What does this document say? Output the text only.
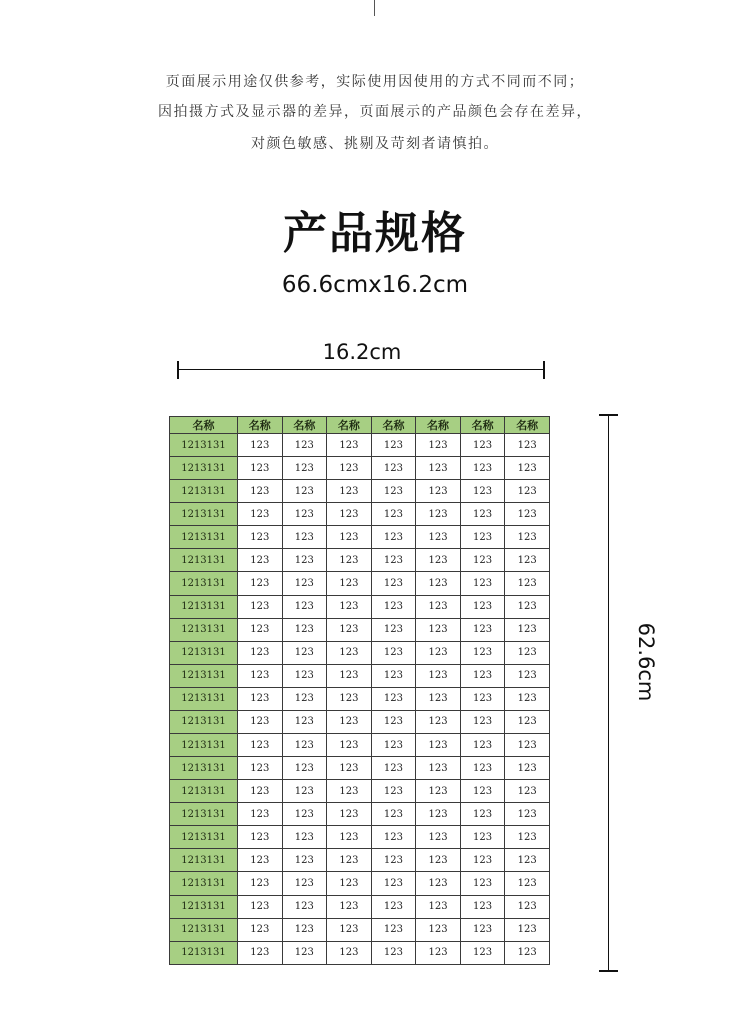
页面展示用途仅供参考，实际使用因使用的方式不同而不同；
因拍摄方式及显示器的差异，页面展示的产品颜色会存在差异，
对颜色敏感、挑剔及苛刻者请慎拍。
产品规格
66.6cmx16.2cm
16.2cm
62.6cm
名称	名称	名称	名称	名称	名称	名称	名称
1213131	123	123	123	123	123	123	123
1213131	123	123	123	123	123	123	123
1213131	123	123	123	123	123	123	123
1213131	123	123	123	123	123	123	123
1213131	123	123	123	123	123	123	123
1213131	123	123	123	123	123	123	123
1213131	123	123	123	123	123	123	123
1213131	123	123	123	123	123	123	123
1213131	123	123	123	123	123	123	123
1213131	123	123	123	123	123	123	123
1213131	123	123	123	123	123	123	123
1213131	123	123	123	123	123	123	123
1213131	123	123	123	123	123	123	123
1213131	123	123	123	123	123	123	123
1213131	123	123	123	123	123	123	123
1213131	123	123	123	123	123	123	123
1213131	123	123	123	123	123	123	123
1213131	123	123	123	123	123	123	123
1213131	123	123	123	123	123	123	123
1213131	123	123	123	123	123	123	123
1213131	123	123	123	123	123	123	123
1213131	123	123	123	123	123	123	123
1213131	123	123	123	123	123	123	123
